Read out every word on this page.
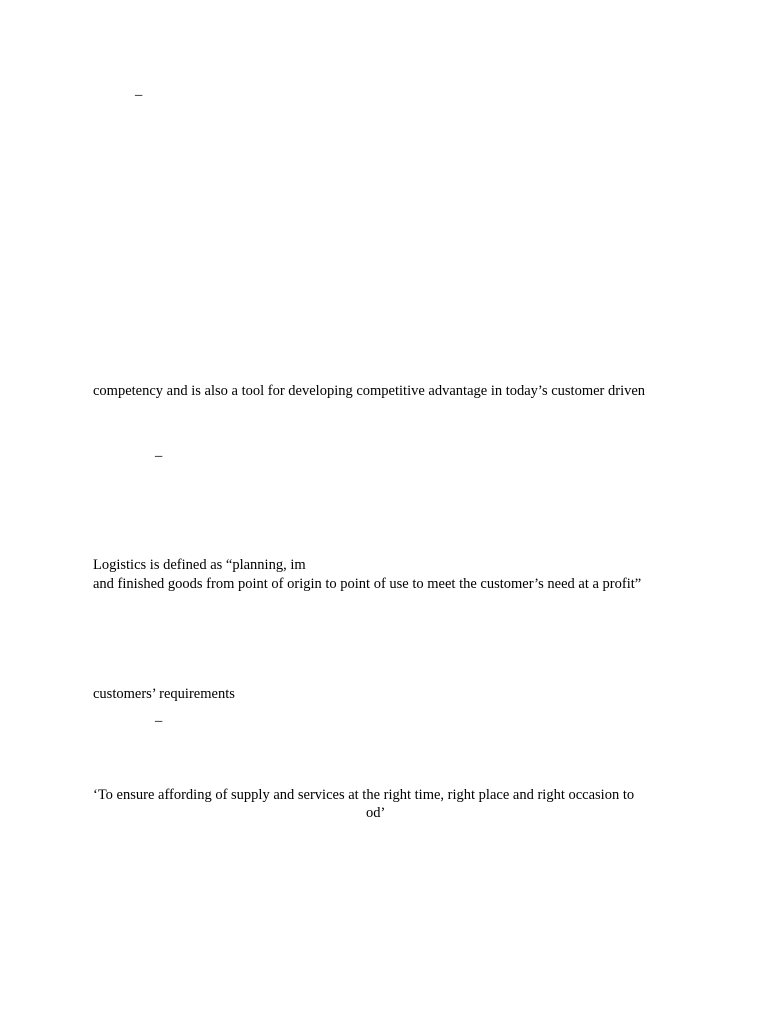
–
competency and is also a tool for developing competitive advantage in today’s customer driven
–
Logistics is defined as “planning, im
and finished goods from point of origin to point of use to meet the customer’s need at a profit”
customers’ requirements
–
‘To ensure affording of supply and services at the right time, right place and right occasion to
od’
